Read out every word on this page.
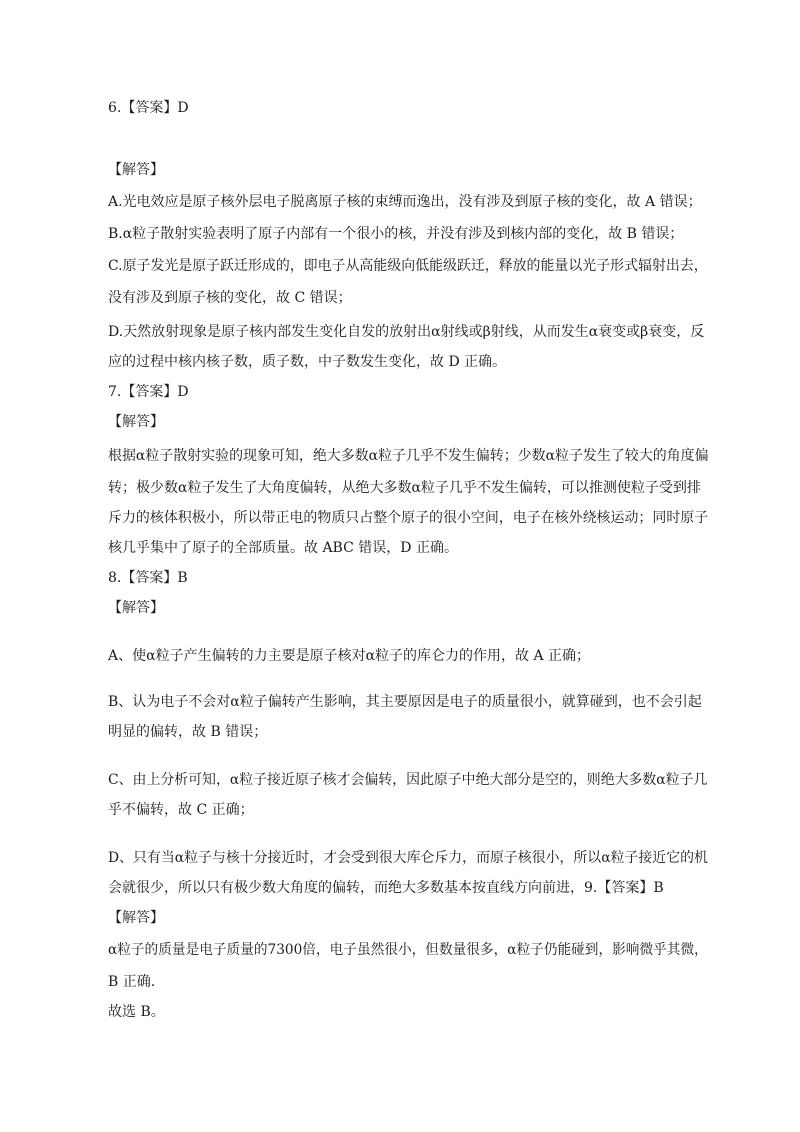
6.【答案】D
【解答】
A.光电效应是原子核外层电子脱离原子核的束缚而逸出，没有涉及到原子核的变化，故 A 错误；
B.α粒子散射实验表明了原子内部有一个很小的核，并没有涉及到核内部的变化，故 B 错误；
C.原子发光是原子跃迁形成的，即电子从高能级向低能级跃迁，释放的能量以光子形式辐射出去，
没有涉及到原子核的变化，故 C 错误；
D.天然放射现象是原子核内部发生变化自发的放射出α射线或β射线，从而发生α衰变或β衰变，反
应的过程中核内核子数，质子数，中子数发生变化，故 D 正确。
7.【答案】D
【解答】
根据α粒子散射实验的现象可知，绝大多数α粒子几乎不发生偏转；少数α粒子发生了较大的角度偏
转；极少数α粒子发生了大角度偏转，从绝大多数α粒子几乎不发生偏转，可以推测使粒子受到排
斥力的核体积极小，所以带正电的物质只占整个原子的很小空间，电子在核外绕核运动；同时原子
核几乎集中了原子的全部质量。故 ABC 错误，D 正确。
8.【答案】B
【解答】
A、使α粒子产生偏转的力主要是原子核对α粒子的库仑力的作用，故 A 正确；
B、认为电子不会对α粒子偏转产生影响，其主要原因是电子的质量很小，就算碰到，也不会引起
明显的偏转，故 B 错误；
C、由上分析可知，α粒子接近原子核才会偏转，因此原子中绝大部分是空的，则绝大多数α粒子几
乎不偏转，故 C 正确；
D、只有当α粒子与核十分接近时，才会受到很大库仑斥力，而原子核很小，所以α粒子接近它的机
会就很少，所以只有极少数大角度的偏转，而绝大多数基本按直线方向前进，9.【答案】B
【解答】
α粒子的质量是电子质量的7300倍，电子虽然很小，但数量很多，α粒子仍能碰到，影响微乎其微，
B 正确.
故选 B。
